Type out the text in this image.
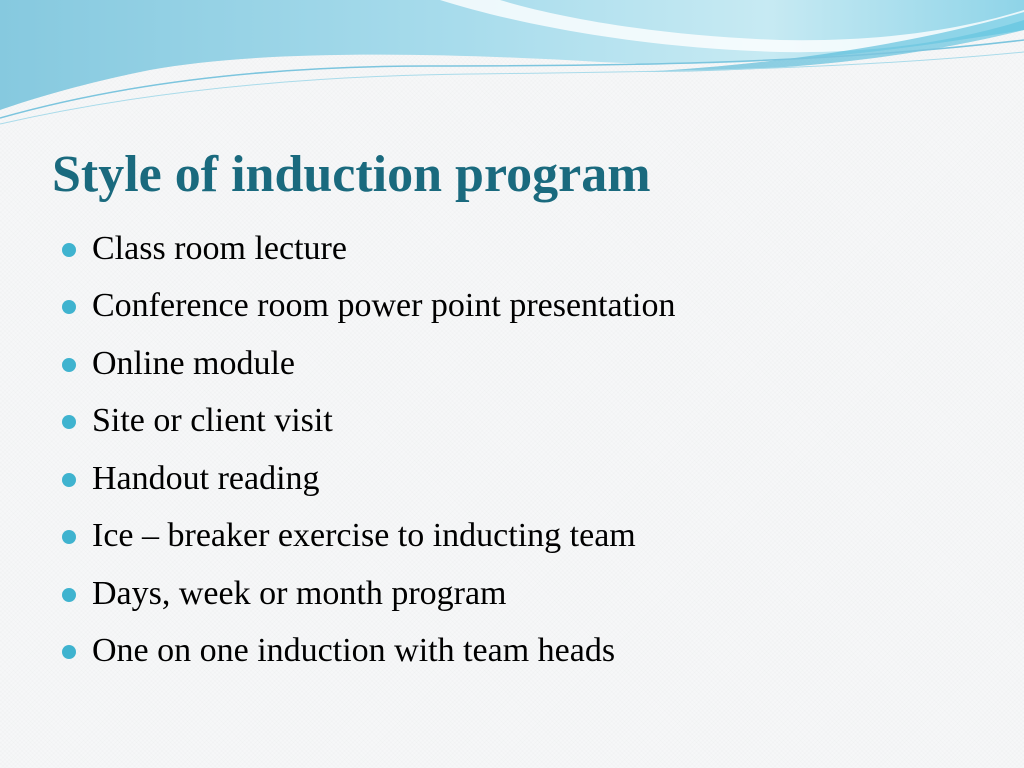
Style of induction program
Class room lecture
Conference room power point presentation
Online module
Site or client visit
Handout reading
Ice – breaker exercise to inducting team
Days, week or month program
One on one induction with team heads
